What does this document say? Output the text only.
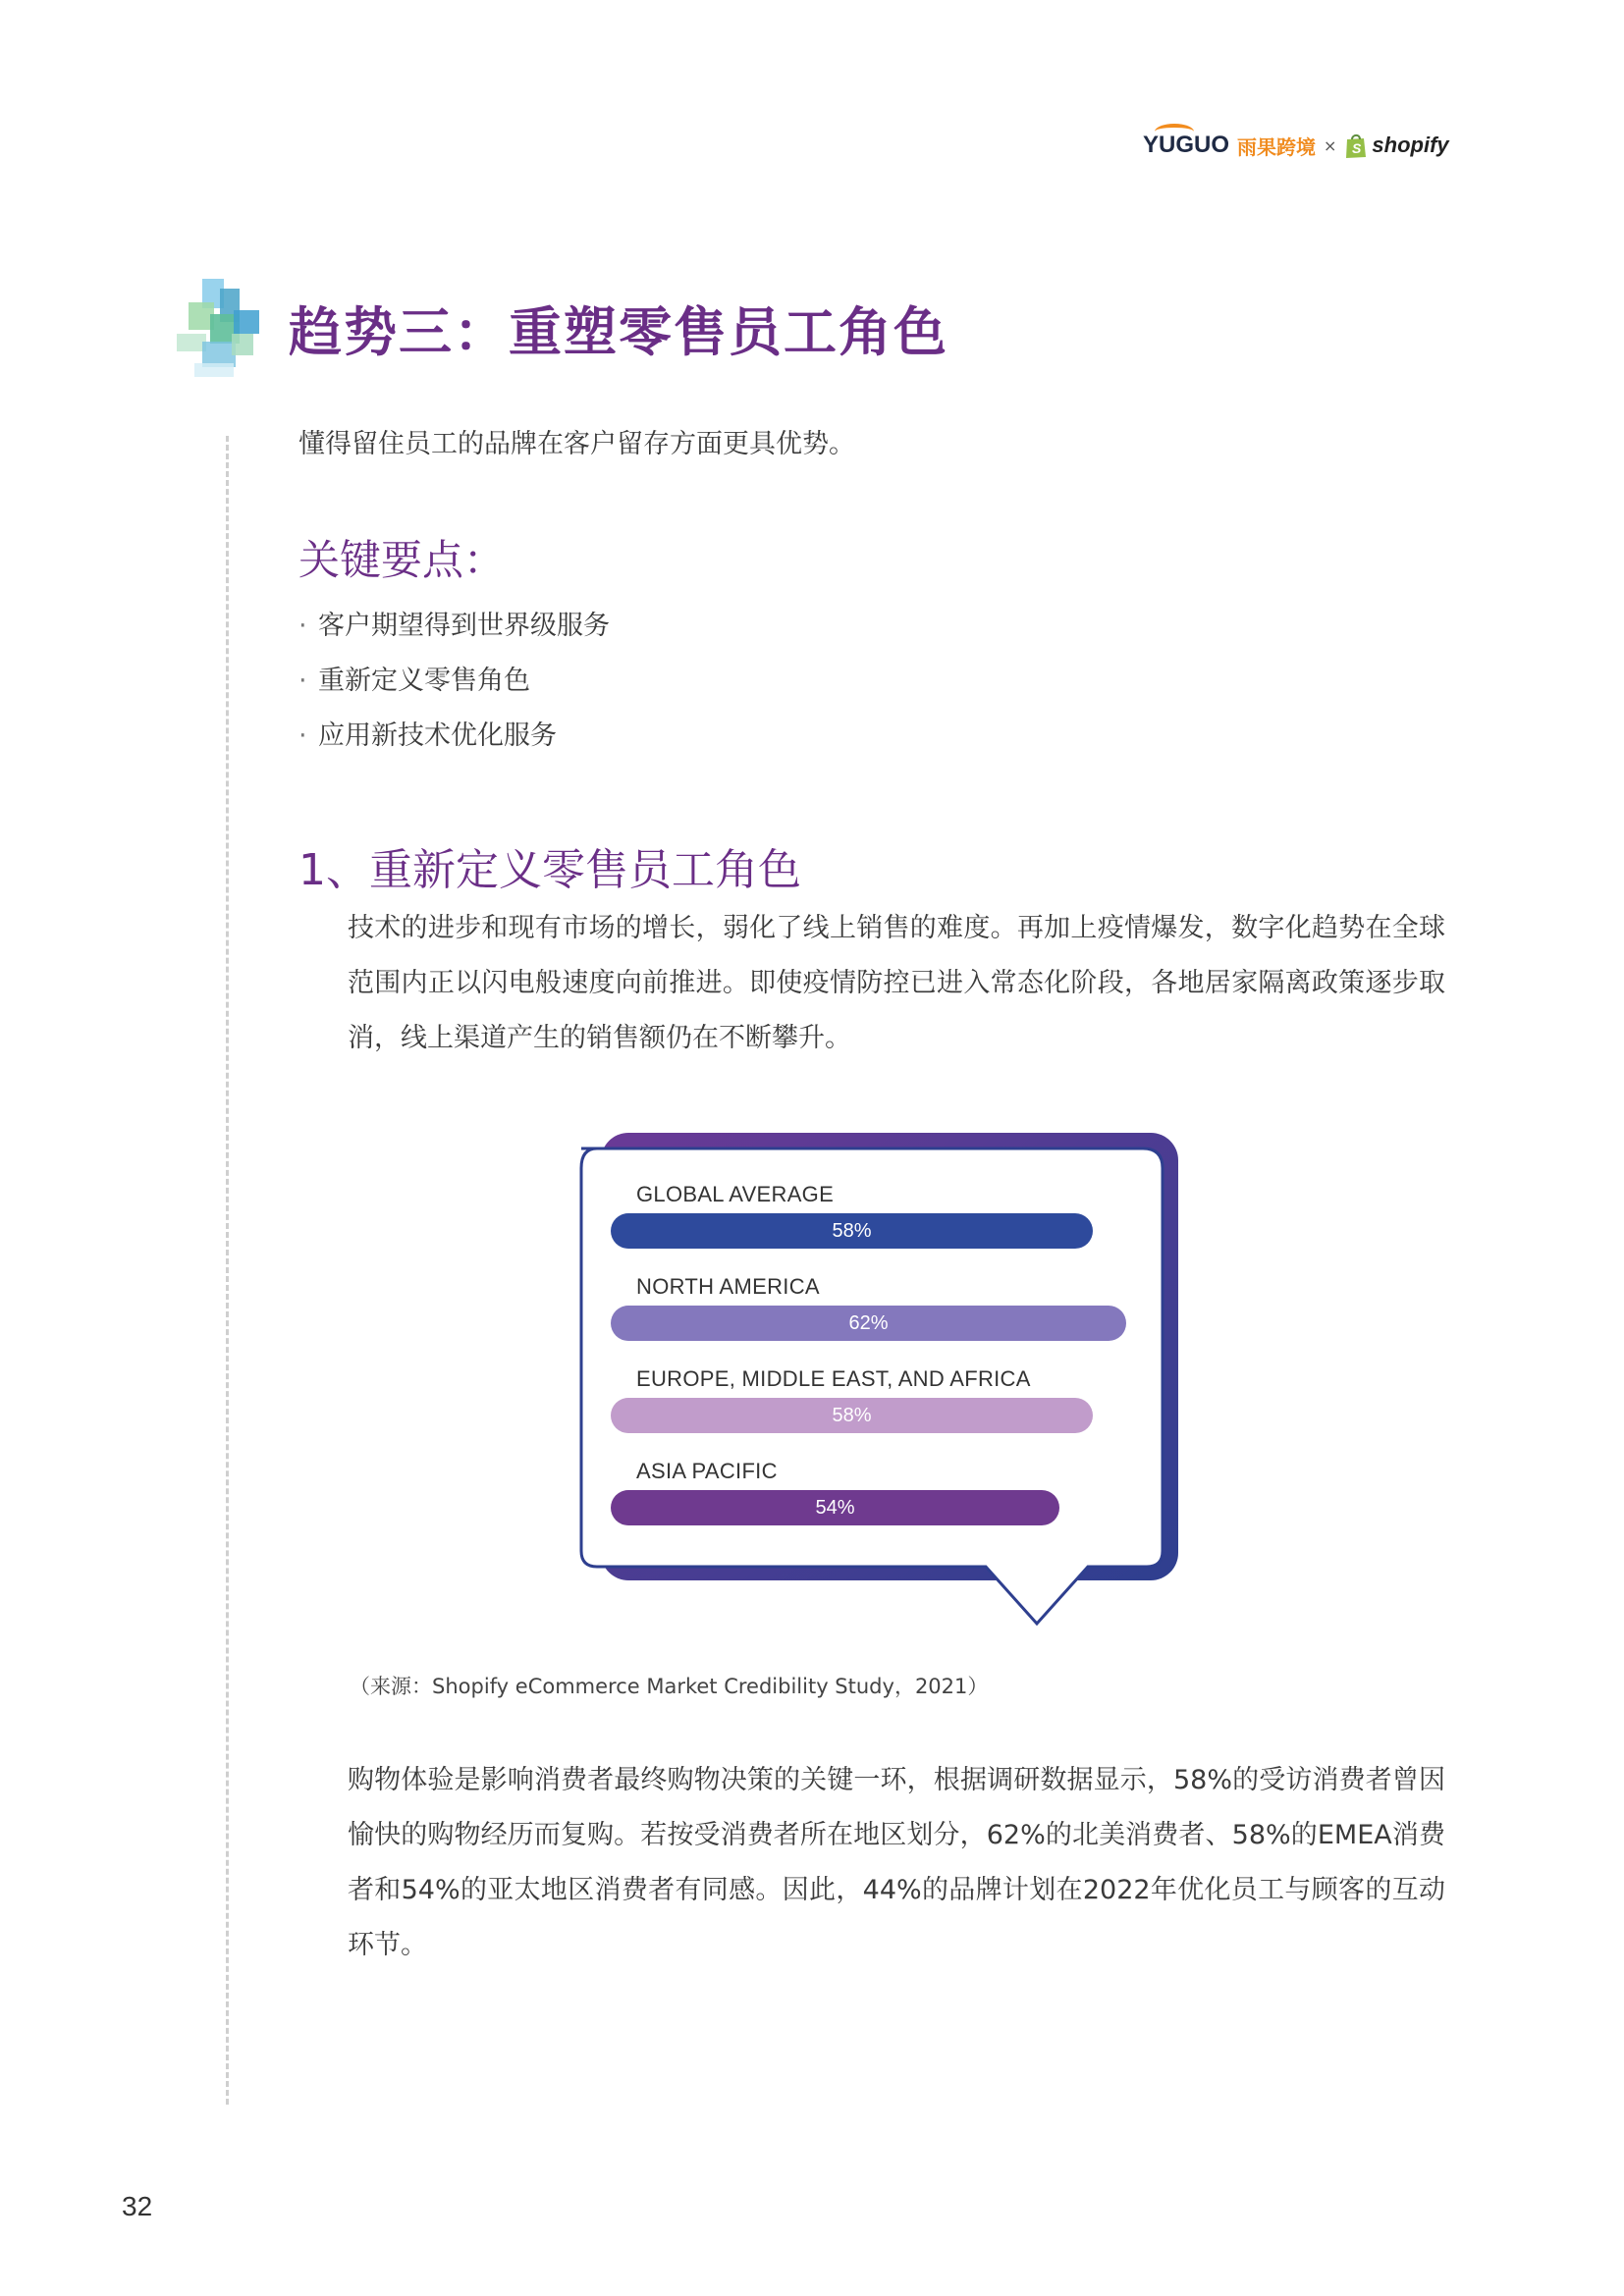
YUGUO 雨果跨境 × S shopify
趋势三：重塑零售员工角色
懂得留住员工的品牌在客户留存方面更具优势。
关键要点：
· 客户期望得到世界级服务
· 重新定义零售角色
· 应用新技术优化服务
1、重新定义零售员工角色
技术的进步和现有市场的增长，弱化了线上销售的难度。再加上疫情爆发，数字化趋势在全球范围内正以闪电般速度向前推进。即使疫情防控已进入常态化阶段，各地居家隔离政策逐步取消，线上渠道产生的销售额仍在不断攀升。
GLOBAL AVERAGE
58%
NORTH AMERICA
62%
EUROPE, MIDDLE EAST, AND AFRICA
58%
ASIA PACIFIC
54%
（来源：Shopify eCommerce Market Credibility Study，2021）
购物体验是影响消费者最终购物决策的关键一环，根据调研数据显示，58%的受访消费者曾因愉快的购物经历而复购。若按受消费者所在地区划分，62%的北美消费者、58%的EMEA消费者和54%的亚太地区消费者有同感。因此，44%的品牌计划在2022年优化员工与顾客的互动环节。
32
